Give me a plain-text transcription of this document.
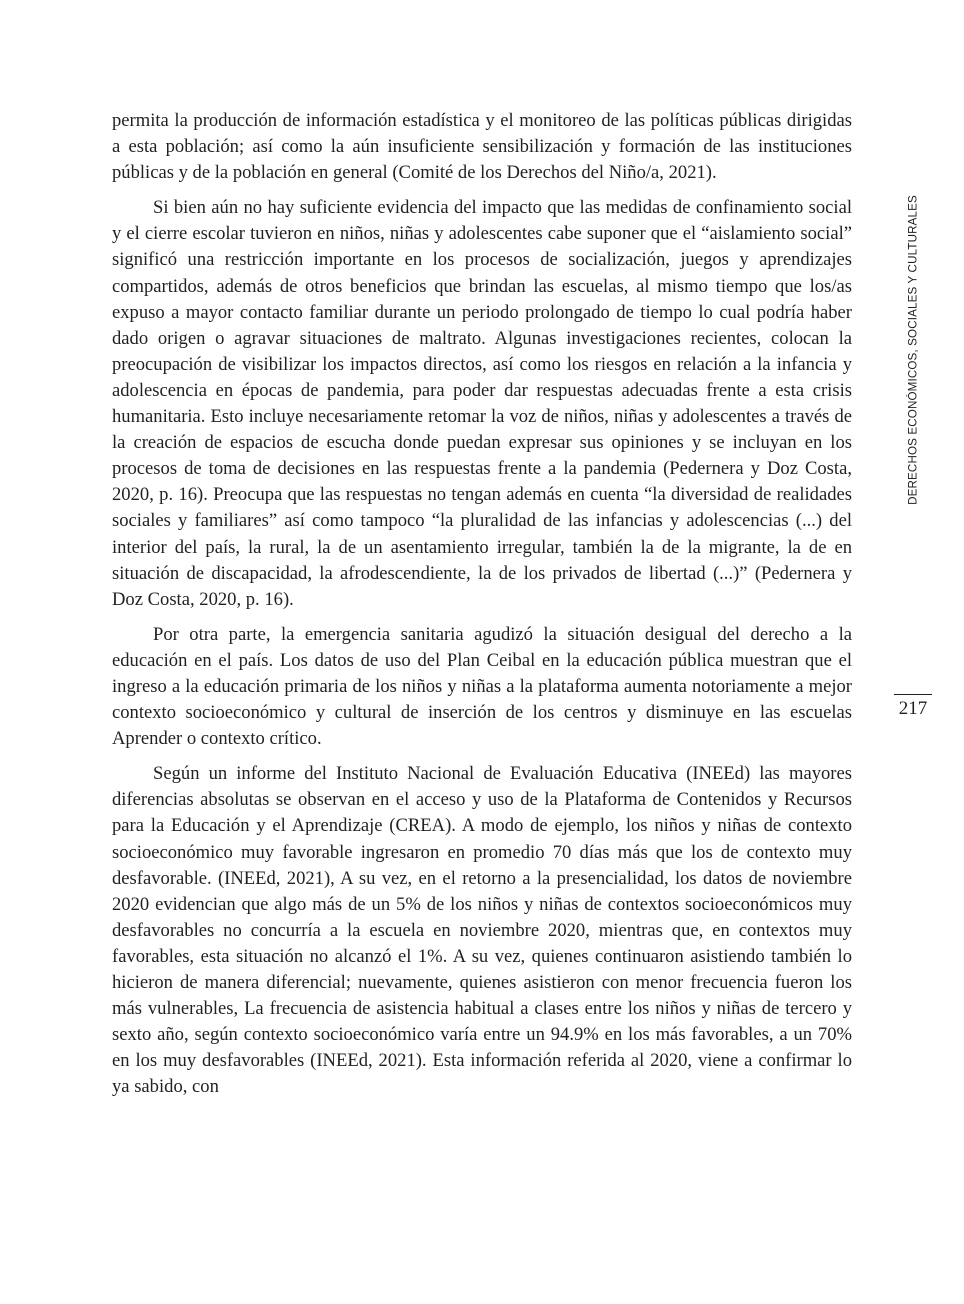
permita la producción de información estadística y el monitoreo de las políticas públicas dirigidas a esta población; así como la aún insuficiente sensibilización y formación de las instituciones públicas y de la población en general (Comité de los Derechos del Niño/a, 2021).

Si bien aún no hay suficiente evidencia del impacto que las medidas de confinamiento social y el cierre escolar tuvieron en niños, niñas y adolescentes cabe suponer que el “aislamiento social” significó una restricción importante en los procesos de socialización, juegos y aprendizajes compartidos, además de otros beneficios que brindan las escuelas, al mismo tiempo que los/as expuso a mayor contacto familiar durante un periodo prolongado de tiempo lo cual podría haber dado origen o agravar situaciones de maltrato. Algunas investigaciones recientes, colocan la preocupación de visibilizar los impactos directos, así como los riesgos en relación a la infancia y adolescencia en épocas de pandemia, para poder dar respuestas adecuadas frente a esta crisis humanitaria. Esto incluye necesariamente retomar la voz de niños, niñas y adolescentes a través de la creación de espacios de escucha donde puedan expresar sus opiniones y se incluyan en los procesos de toma de decisiones en las respuestas frente a la pandemia (Pedernera y Doz Costa, 2020, p. 16). Preocupa que las respuestas no tengan además en cuenta “la diversidad de realidades sociales y familiares” así como tampoco “la pluralidad de las infancias y adolescencias (...) del interior del país, la rural, la de un asentamiento irregular, también la de la migrante, la de en situación de discapacidad, la afrodescendiente, la de los privados de libertad (...)” (Pedernera y Doz Costa, 2020, p. 16).

Por otra parte, la emergencia sanitaria agudizó la situación desigual del derecho a la educación en el país. Los datos de uso del Plan Ceibal en la educación pública muestran que el ingreso a la educación primaria de los niños y niñas a la plataforma aumenta notoriamente a mejor contexto socioeconómico y cultural de inserción de los centros y disminuye en las escuelas Aprender o contexto crítico.

Según un informe del Instituto Nacional de Evaluación Educativa (INEEd) las mayores diferencias absolutas se observan en el acceso y uso de la Plataforma de Contenidos y Recursos para la Educación y el Aprendizaje (CREA). A modo de ejemplo, los niños y niñas de contexto socioeconómico muy favorable ingresaron en promedio 70 días más que los de contexto muy desfavorable. (INEEd, 2021), A su vez, en el retorno a la presencialidad, los datos de noviembre 2020 evidencian que algo más de un 5% de los niños y niñas de contextos socioeconómicos muy desfavorables no concurría a la escuela en noviembre 2020, mientras que, en contextos muy favorables, esta situación no alcanzó el 1%. A su vez, quienes continuaron asistiendo también lo hicieron de manera diferencial; nuevamente, quienes asistieron con menor frecuencia fueron los más vulnerables, La frecuencia de asistencia habitual a clases entre los niños y niñas de tercero y sexto año, según contexto socioeconómico varía entre un 94.9% en los más favorables, a un 70% en los muy desfavorables (INEEd, 2021). Esta información referida al 2020, viene a confirmar lo ya sabido, con

DERECHOS ECONÓMICOS, SOCIALES Y CULTURALES
217
